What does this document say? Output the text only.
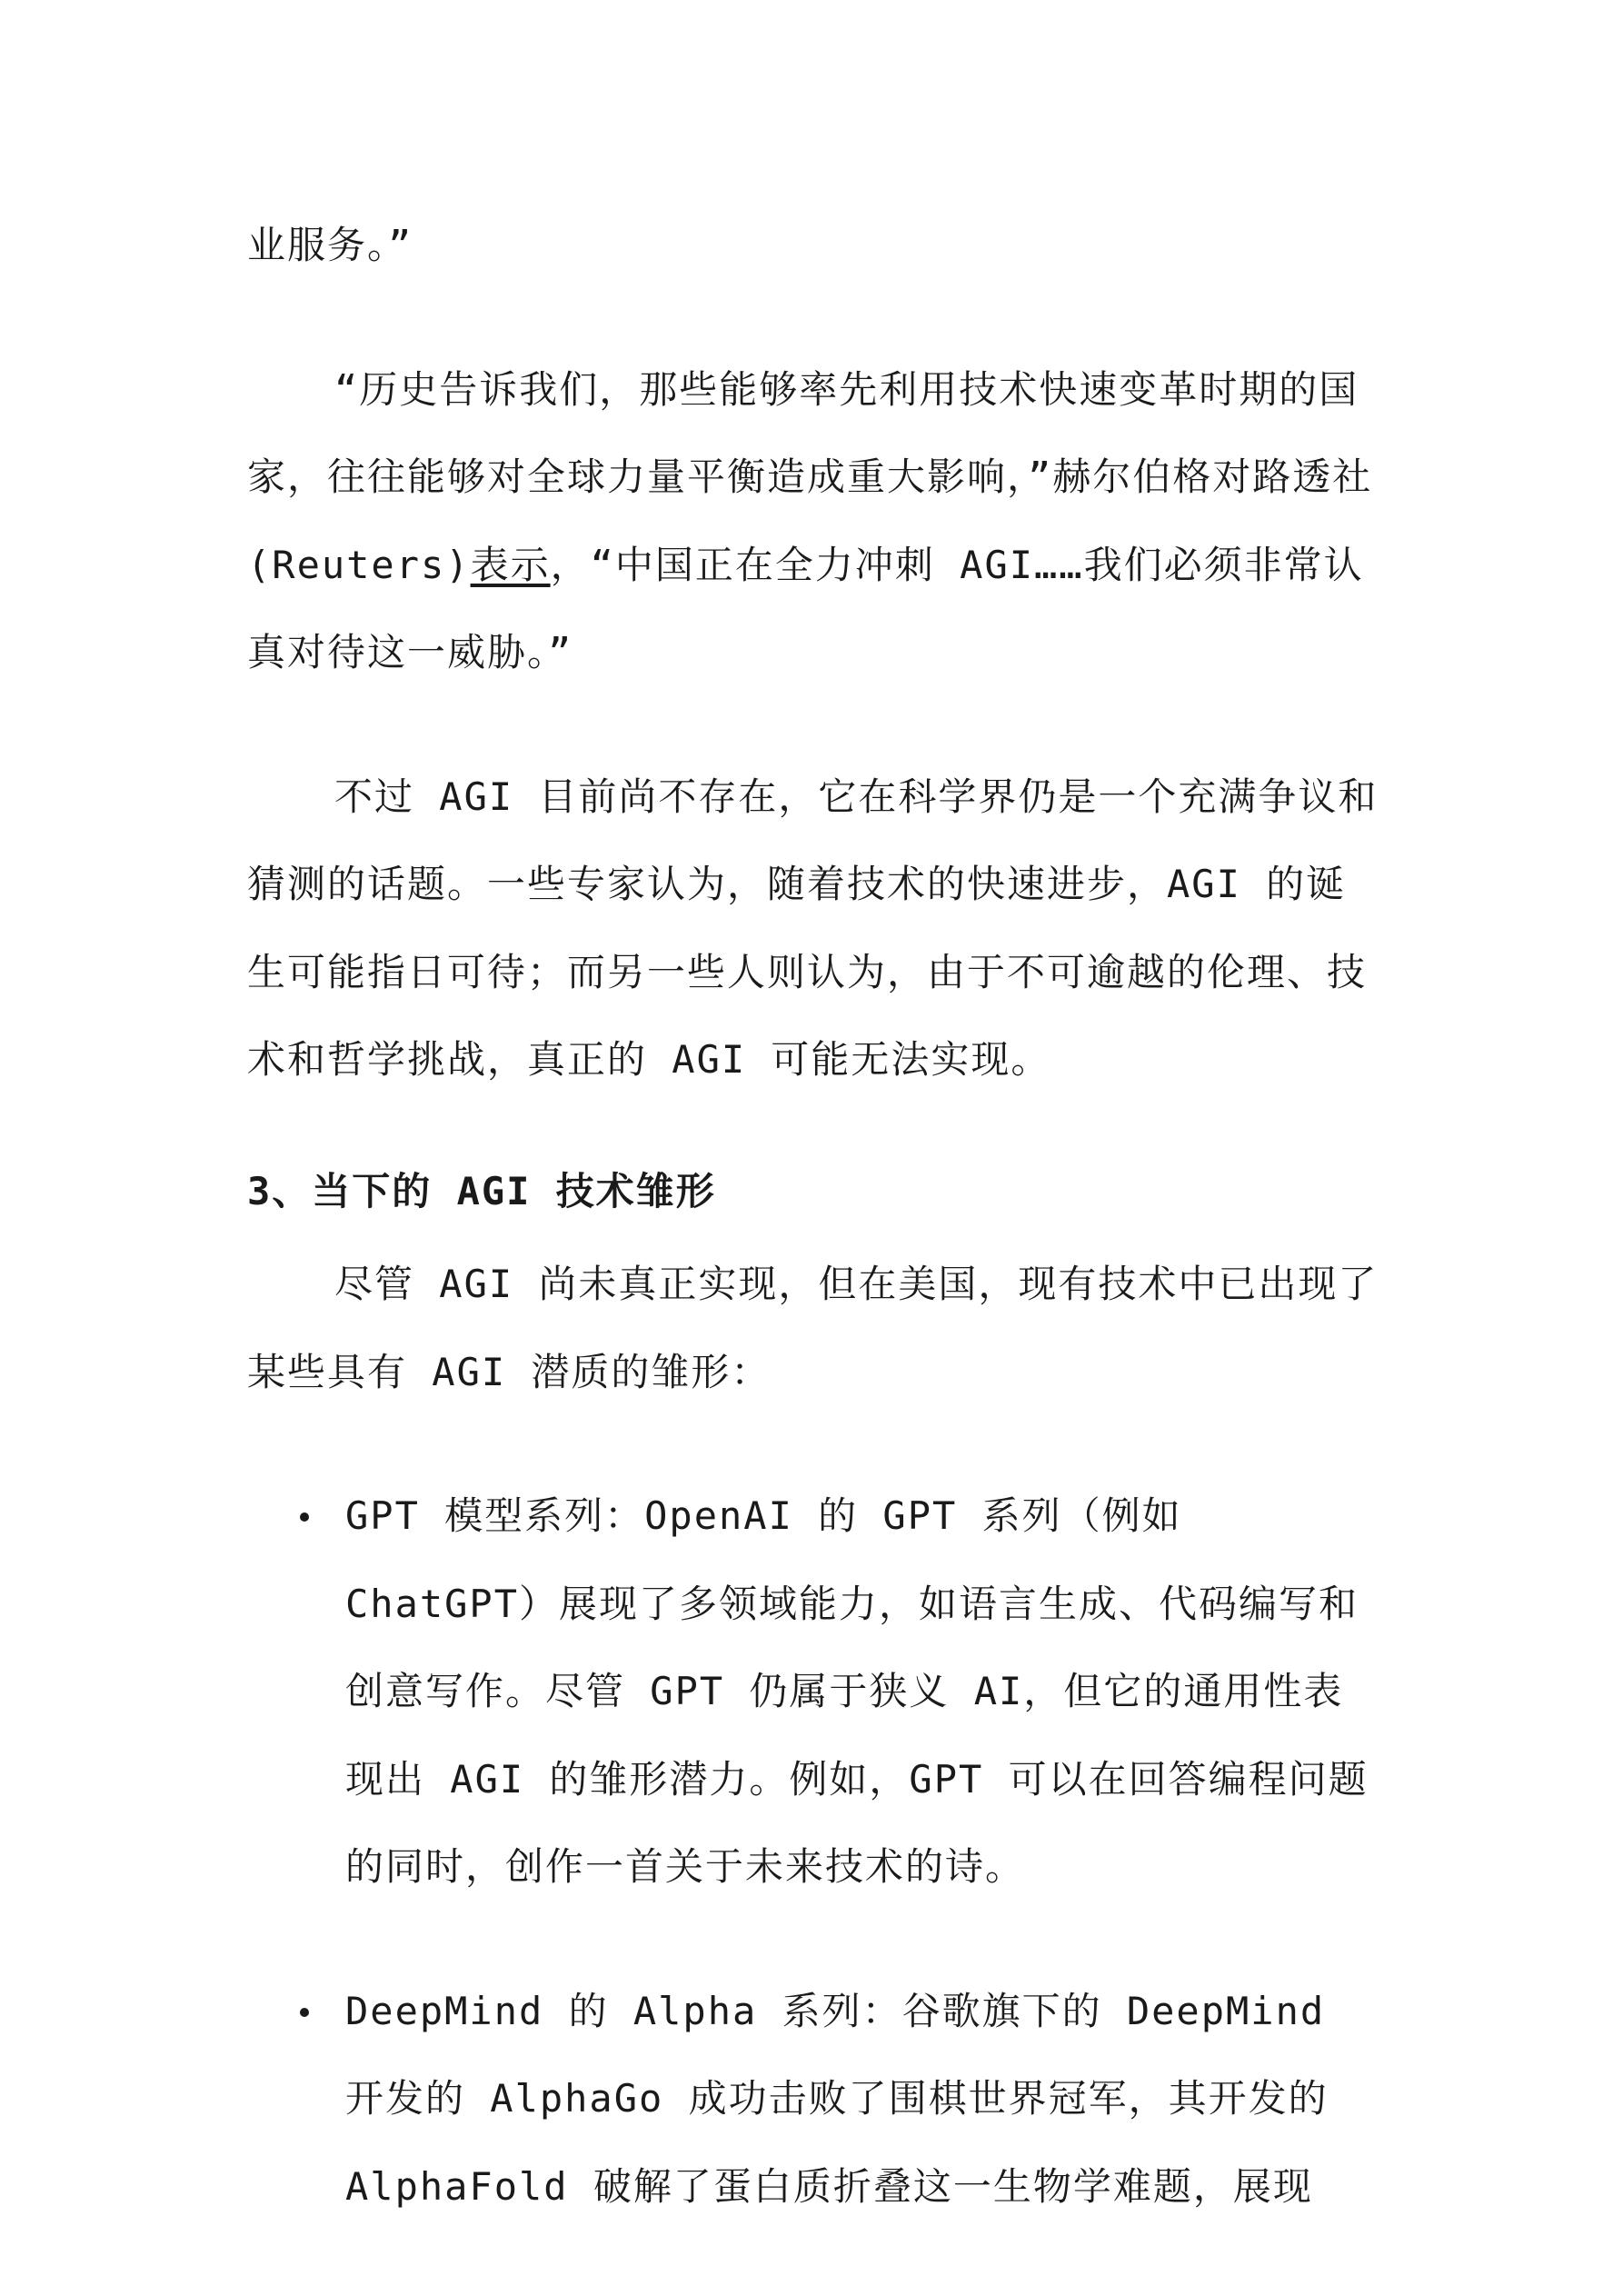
业服务。”

“历史告诉我们，那些能够率先利用技术快速变革时期的国家，往往能够对全球力量平衡造成重大影响，”赫尔伯格对路透社(Reuters)表示，“中国正在全力冲刺 AGI……我们必须非常认真对待这一威胁。”

不过 AGI 目前尚不存在，它在科学界仍是一个充满争议和猜测的话题。一些专家认为，随着技术的快速进步，AGI 的诞生可能指日可待；而另一些人则认为，由于不可逾越的伦理、技术和哲学挑战，真正的 AGI 可能无法实现。

3、当下的 AGI 技术雏形

尽管 AGI 尚未真正实现，但在美国，现有技术中已出现了某些具有 AGI 潜质的雏形：

GPT 模型系列：OpenAI 的 GPT 系列（例如 ChatGPT）展现了多领域能力，如语言生成、代码编写和创意写作。尽管 GPT 仍属于狭义 AI，但它的通用性表现出 AGI 的雏形潜力。例如，GPT 可以在回答编程问题的同时，创作一首关于未来技术的诗。

DeepMind 的 Alpha 系列：谷歌旗下的 DeepMind 开发的 AlphaGo 成功击败了围棋世界冠军，其开发的 AlphaFold 破解了蛋白质折叠这一生物学难题，展现
